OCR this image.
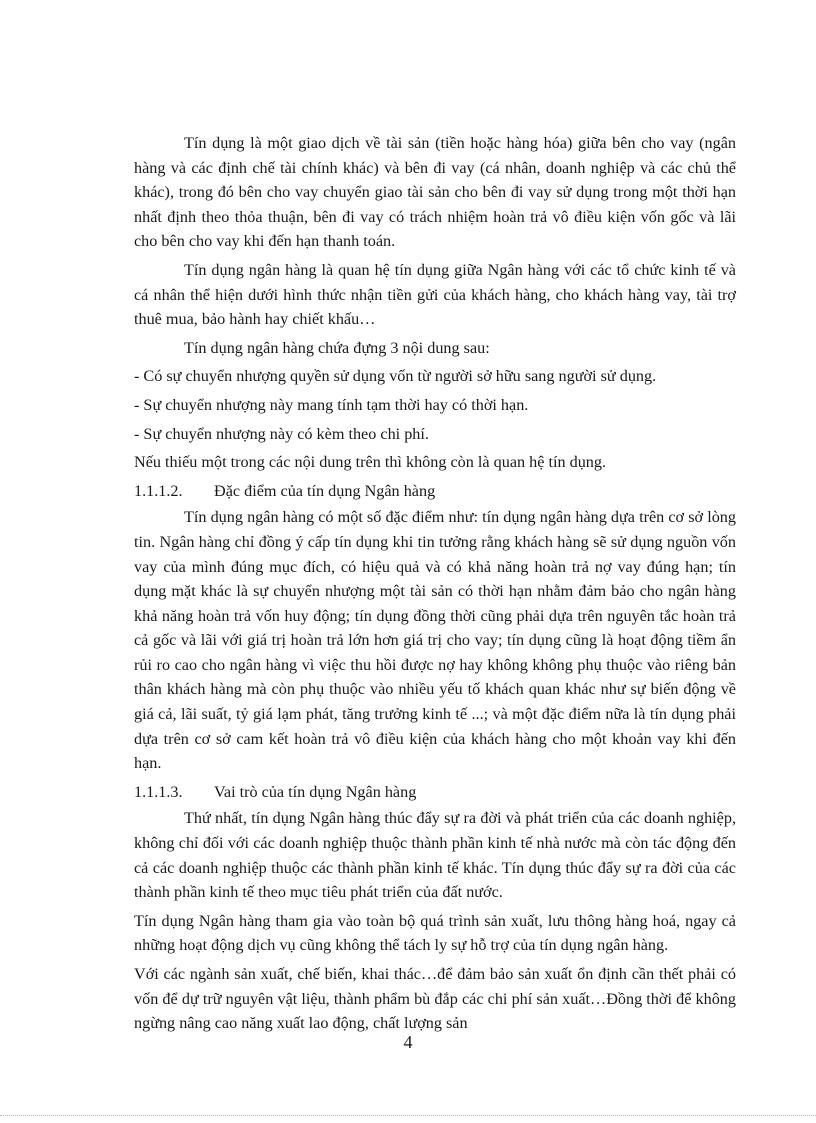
Tín dụng là một giao dịch về tài sản (tiền hoặc hàng hóa) giữa bên cho vay (ngân hàng và các định chế tài chính khác) và bên đi vay (cá nhân, doanh nghiệp và các chủ thể khác), trong đó bên cho vay chuyển giao tài sản cho bên đi vay sử dụng trong một thời hạn nhất định theo thỏa thuận, bên đi vay có trách nhiệm hoàn trả vô điều kiện vốn gốc và lãi cho bên cho vay khi đến hạn thanh toán.

Tín dụng ngân hàng là quan hệ tín dụng giữa Ngân hàng với các tổ chức kinh tế và cá nhân thể hiện dưới hình thức nhận tiền gửi của khách hàng, cho khách hàng vay, tài trợ thuê mua, bảo hành hay chiết khấu…

Tín dụng ngân hàng chứa đựng 3 nội dung sau:

- Có sự chuyển nhượng quyền sử dụng vốn từ người sở hữu sang người sử dụng.

- Sự chuyển nhượng này mang tính tạm thời hay có thời hạn.

- Sự chuyển nhượng này có kèm theo chi phí.

Nếu thiếu một trong các nội dung trên thì không còn là quan hệ tín dụng.

1.1.1.2.	Đặc điểm của tín dụng Ngân hàng

Tín dụng ngân hàng có một số đặc điểm như: tín dụng ngân hàng dựa trên cơ sở lòng tin. Ngân hàng chỉ đồng ý cấp tín dụng khi tin tưởng rằng khách hàng sẽ sử dụng nguồn vốn vay của mình đúng mục đích, có hiệu quả và có khả năng hoàn trả nợ vay đúng hạn; tín dụng mặt khác là sự chuyển nhượng một tài sản có thời hạn nhằm đảm bảo cho ngân hàng khả năng hoàn trả vốn huy động; tín dụng đồng thời cũng phải dựa trên nguyên tắc hoàn trả cả gốc và lãi với giá trị hoàn trả lớn hơn giá trị cho vay; tín dụng cũng là hoạt động tiềm ẩn rủi ro cao cho ngân hàng vì việc thu hồi được nợ hay không không phụ thuộc vào riêng bản thân khách hàng mà còn phụ thuộc vào nhiều yếu tố khách quan khác như sự biến động về giá cả, lãi suất, tỷ giá lạm phát, tăng trưởng kinh tế ...; và một đặc điểm nữa là tín dụng phải dựa trên cơ sở cam kết hoàn trả vô điều kiện của khách hàng cho một khoản vay khi đến hạn.

1.1.1.3.	Vai trò của tín dụng Ngân hàng

Thứ nhất, tín dụng Ngân hàng thúc đẩy sự ra đời và phát triển của các doanh nghiệp, không chỉ đối với các doanh nghiệp thuộc thành phần kinh tế nhà nước mà còn tác động đến cả các doanh nghiệp thuộc các thành phần kinh tế khác. Tín dụng thúc đẩy sự ra đời của các thành phần kinh tế theo mục tiêu phát triển của đất nước.

Tín dụng Ngân hàng tham gia vào toàn bộ quá trình sản xuất, lưu thông hàng hoá, ngay cả những hoạt động dịch vụ cũng không thể tách ly sự hỗ trợ của tín dụng ngân hàng.

Với các ngành sản xuất, chế biến, khai thác…để đảm bảo sản xuất ổn định cần thết phải có vốn để dự trữ nguyên vật liệu, thành phẩm bù đắp các chi phí sản xuất…Đồng thời để không ngừng nâng cao năng xuất lao động, chất lượng sản

4
